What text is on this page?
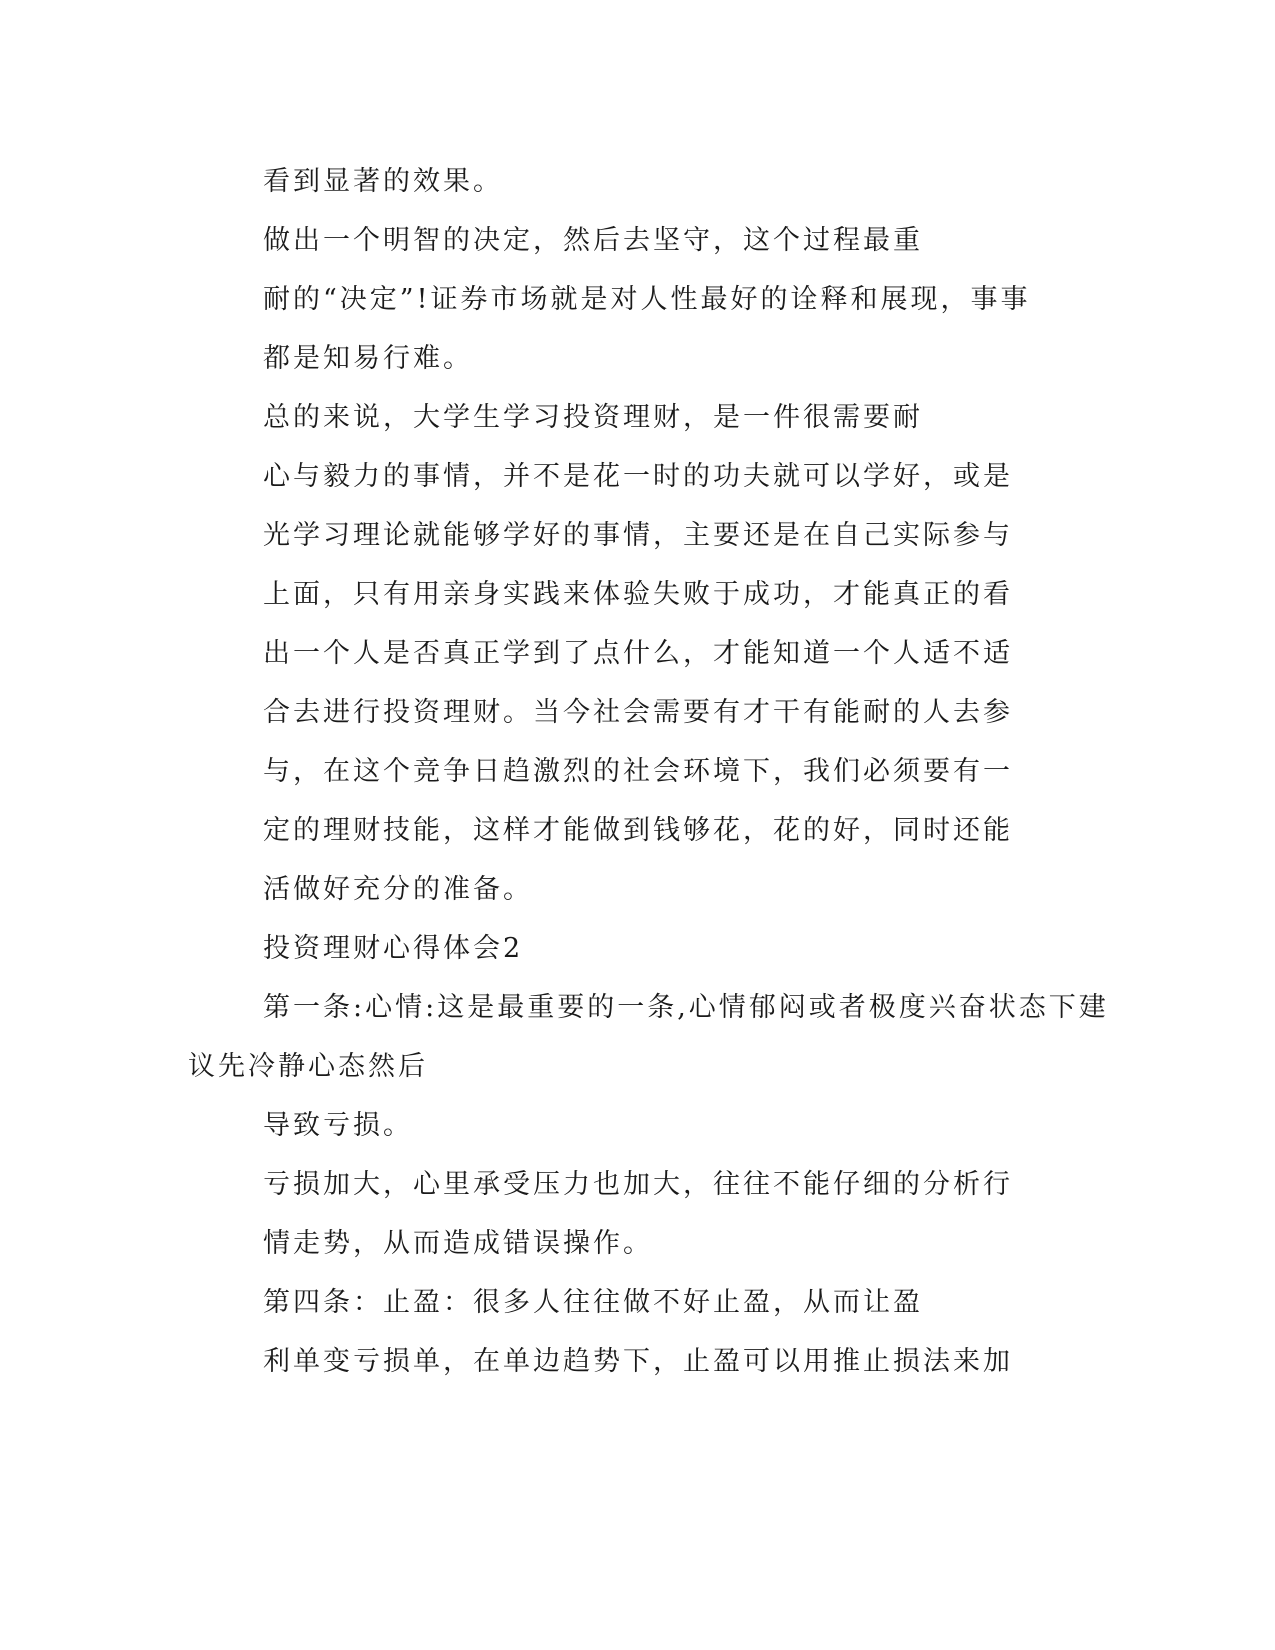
看到显著的效果。
做出一个明智的决定，然后去坚守，这个过程最重
耐的“决定”!证券市场就是对人性最好的诠释和展现，事事
都是知易行难。
总的来说，大学生学习投资理财，是一件很需要耐
心与毅力的事情，并不是花一时的功夫就可以学好，或是
光学习理论就能够学好的事情，主要还是在自己实际参与
上面，只有用亲身实践来体验失败于成功，才能真正的看
出一个人是否真正学到了点什么，才能知道一个人适不适
合去进行投资理财。当今社会需要有才干有能耐的人去参
与，在这个竞争日趋激烈的社会环境下，我们必须要有一
定的理财技能，这样才能做到钱够花，花的好，同时还能
活做好充分的准备。
投资理财心得体会2
第一条:心情:这是最重要的一条,心情郁闷或者极度兴奋状态下建
议先冷静心态然后
导致亏损。
亏损加大，心里承受压力也加大，往往不能仔细的分析行
情走势，从而造成错误操作。
第四条：止盈：很多人往往做不好止盈，从而让盈
利单变亏损单，在单边趋势下，止盈可以用推止损法来加
